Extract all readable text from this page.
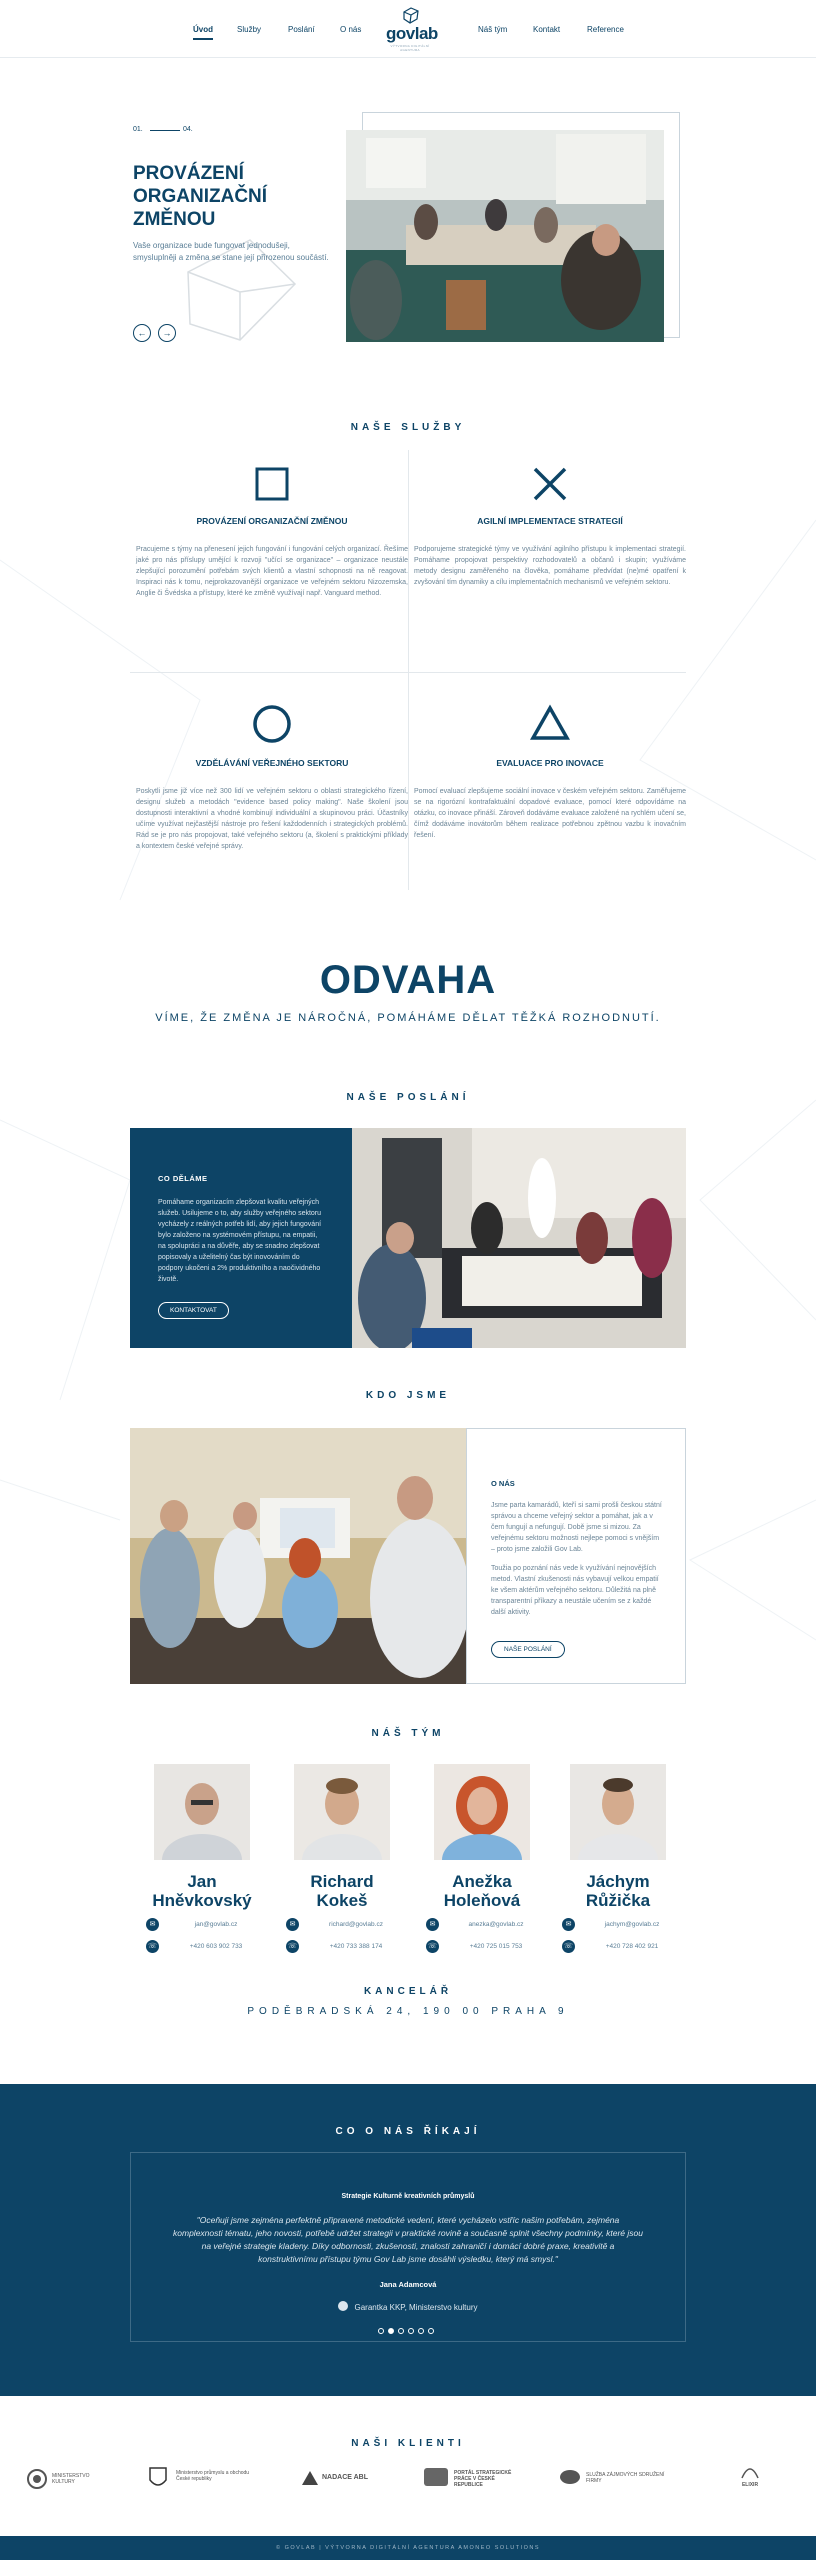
Úvod	Služby	Poslání	O nás govlab
VÝTVORNA DIGITÁLNÍ AGENTURA
Náš tým	Kontakt	Reference
01.	04.
PROVÁZENÍ ORGANIZAČNÍ ZMĚNOU

Vaše organizace bude fungovat jednodušeji, smysluplněji a změna se stane její přirozenou součástí.

←	→
NAŠE SLUŽBY
PROVÁZENÍ ORGANIZAČNÍ ZMĚNOU

Pracujeme s týmy na přenesení jejich fungování i fungování celých organizací. Řešíme jaké pro nás příslupy umějící k rozvoji "učící se organizace" – organizace neustále zlepšující porozumění potřebám svých klientů a vlastní schopnosti na ně reagovat. Inspiraci nás k tomu, nejprokazovanější organizace ve veřejném sektoru Nizozemska, Anglie či Švédska a přístupy, které ke změně využívají např. Vanguard method.

AGILNÍ IMPLEMENTACE STRATEGIÍ

Podporujeme strategické týmy ve využívání agilního přístupu k implementaci strategií. Pomáhame propojovat perspektivy rozhodovatelů a občanů i skupin; využíváme metody designu zaměřeného na člověka, pomáhame předvídat (ne)mé opatření k zvyšování tím dynamiky a cílu implementačních mechanismů ve veřejném sektoru.

VZDĚLÁVÁNÍ VEŘEJNÉHO SEKTORU

Poskytli jsme již více než 300 lidí ve veřejném sektoru o oblasti strategického řízení, designu služeb a metodách "evidence based policy making". Naše školení jsou dostupnosti interaktivní a vhodné kombinují individuální a skupinovou práci. Účastníky učíme využívat nejčastější nástroje pro řešení každodenních i strategických problémů. Rád se je pro nás propojovat, také veřejného sektoru (a, školení s praktickými příklady a kontextem české veřejné správy.

EVALUACE PRO INOVACE

Pomocí evaluací zlepšujeme sociální inovace v českém veřejném sektoru. Zaměřujeme se na rigorózní kontrafaktuální dopadové evaluace, pomocí které odpovídáme na otázku, co inovace přináší. Zároveň dodáváme evaluace založené na rychlém učení se, čímž dodáváme inovátorům během realizace potřebnou zpětnou vazbu k inovačním řešení.

ODVAHA
VÍME, ŽE ZMĚNA JE NÁROČNÁ, POMÁHÁME DĚLAT TĚŽKÁ ROZHODNUTÍ.
NAŠE POSLÁNÍ
CO DĚLÁME

Pomáhame organizacím zlepšovat kvalitu veřejných služeb. Usilujeme o to, aby služby veřejného sektoru vycházely z reálných potřeb lidí, aby jejich fungování bylo založeno na systémovém přístupu, na empatii, na spolupráci a na důvěře, aby se snadno zlepšovat popisovaly a uželitelný čas být inovováním do podpory ukočeni a 2% produktivního a naočividného životě.

KONTAKTOVAT
KDO JSME
O NÁS

Jsme parta kamarádů, kteří si sami prošli českou státní správou a chceme veřejný sektor a pomáhat, jak a v čem fungují a nefungují. Době jsme si mizou. Za veřejnému sektoru možnosti nejlepe pomoci s vnějším – proto jsme založili Gov Lab.

Toužia po poznání nás vede k využívání nejnovějších metod. Vlastní zkušenosti nás vybavují velkou empatií ke všem aktérům veřejného sektoru. Důležitá na plně transparentní příkazy a neustále učením se z každé další aktivity.

NAŠE POSLÁNÍ
NÁŠ TÝM
Jan
Hněvkovský
✉	jan@govlab.cz
☏	+420 603 902 733
Richard
Kokeš
✉	richard@govlab.cz
☏	+420 733 388 174
Anežka
Holeňová
✉	anezka@govlab.cz
☏	+420 725 015 753
Jáchym
Růžička
✉	jachym@govlab.cz
☏	+420 728 402 921
KANCELÁŘ
PODĚBRADSKÁ 24, 190 00 PRAHA 9
CO O NÁS ŘÍKAJÍ
Strategie Kulturně kreativních průmyslů

"Oceňuji jsme zejména perfektně připravené metodické vedení, které vycházelo vstříc našim potřebám, zejména komplexnosti tématu, jeho novosti, potřebě udržet strategii v praktické rovině a současně splnit všechny podmínky, které jsou na veřejné strategie kladeny. Díky odbornosti, zkušenosti, znalosti zahraničí i domácí dobré praxe, kreativitě a konstruktivnímu přístupu týmu Gov Lab jsme dosáhli výsledku, který má smysl."

Jana Adamcová
Garantka KKP, Ministerstvo kultury
NAŠI KLIENTI
MINISTERSTVO KULTURY
Ministerstvo průmyslu a obchodu České republiky	NADACE ABL
PORTÁL STRATEGICKÉ PRÁCE V ČESKÉ REPUBLICE
SLUŽBA ZÁJMOVÝCH SDRUŽENÍ FIRMY
ELIXIR
© GOVLAB | VÝTVORNA DIGITÁLNÍ AGENTURA AMONEO SOLUTIONS
